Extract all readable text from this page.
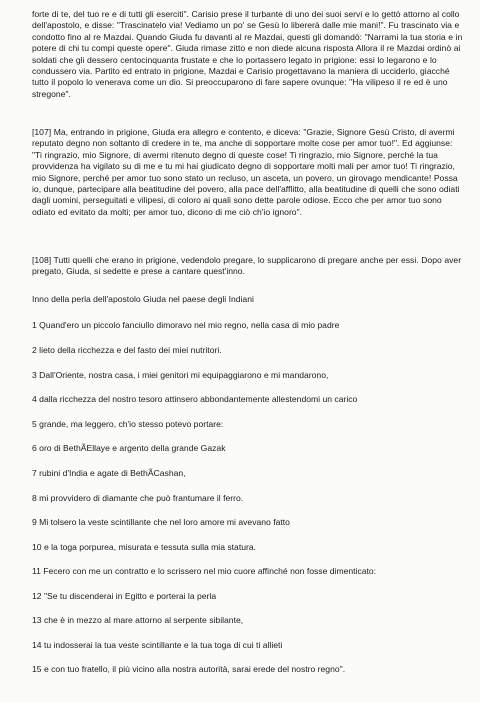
forte di te, del tuo re e di tutti gli eserciti". Carisio prese il turbante di uno dei suoi servi e lo gettò attorno al collo dell'apostolo, e disse: "Trascinatelo via! Vediamo un po' se Gesù lo libererà dalle mie mani!". Fu trascinato via e condotto fino al re Mazdai. Quando Giuda fu davanti al re Mazdai, questi gli domandò: "Narrami la tua storia e in potere di chi tu compi queste opere". Giuda rimase zitto e non diede alcuna risposta Allora il re Mazdai ordinò ai soldati che gli dessero centocinquanta frustate e che lo portassero legato in prigione: essi lo legarono e lo condussero via. Partito ed entrato in prigione, Mazdai e Carisio progettavano la maniera di ucciderlo, giacché tutto il popolo lo venerava come un dio. Si preoccuparono di fare sapere ovunque: "Ha vilipeso il re ed è uno stregone".

[107] Ma, entrando in prigione, Giuda era allegro e contento, e diceva: "Grazie, Signore Gesù Cristo, di avermi reputato degno non soltanto di credere in te, ma anche di sopportare molte cose per amor tuo!". Ed aggiunse: "Ti ringrazio, mio Signore, di avermi ritenuto degno di queste cose! Ti ringrazio, mio Signore, perché la tua provvidenza ha vigilato su di me e tu mi hai giudicato degno di sopportare molti mali per amor tuo! Ti ringrazio, mio Signore, perché per amor tuo sono stato un recluso, un asceta, un povero, un girovago mendicante! Possa io, dunque, partecipare alla beatitudine del povero, alla pace dell'afflitto, alla beatitudine di quelli che sono odiati dagli uomini, perseguitati e vilipesi, di coloro ai quali sono dette parole odiose. Ecco che per amor tuo sono odiato ed evitato da molti; per amor tuo, dicono di me ciò ch'io ignoro".

[108] Tutti quelli che erano in prigione, vedendolo pregare, lo supplicarono di pregare anche per essi. Dopo aver pregato, Giuda, si sedette e prese a cantare quest'inno.

Inno della perla dell'apostolo Giuda nel paese degli Indiani

1 Quand'ero un piccolo fanciullo dimoravo nel mio regno, nella casa di mio padre

2 lieto della ricchezza e del fasto dei miei nutritori.

3 Dall'Oriente, nostra casa, i miei genitori mi equipaggiarono e mi mandarono,

4 dalla ricchezza del nostro tesoro attinsero abbondantemente allestendomi un carico

5 grande, ma leggero, ch'io stesso potevo portare:

6 oro di BethÃEllaye e argento della grande Gazak

7 rubini d'India e agate di BethÃCashan,

8 mi provvidero di diamante che può frantumare il ferro.

9 Mi tolsero la veste scintillante che nel loro amore mi avevano fatto

10 e la toga porpurea, misurata e tessuta sulla mia statura.

11 Fecero con me un contratto e lo scrissero nel mio cuore affinché non fosse dimenticato:

12 "Se tu discenderai in Egitto e porterai la perla

13 che è in mezzo al mare attorno al serpente sibilante,

14 tu indosserai la tua veste scintillante e la tua toga di cui ti allieti

15 e con tuo fratello, il più vicino alla nostra autorità, sarai erede del nostro regno".
